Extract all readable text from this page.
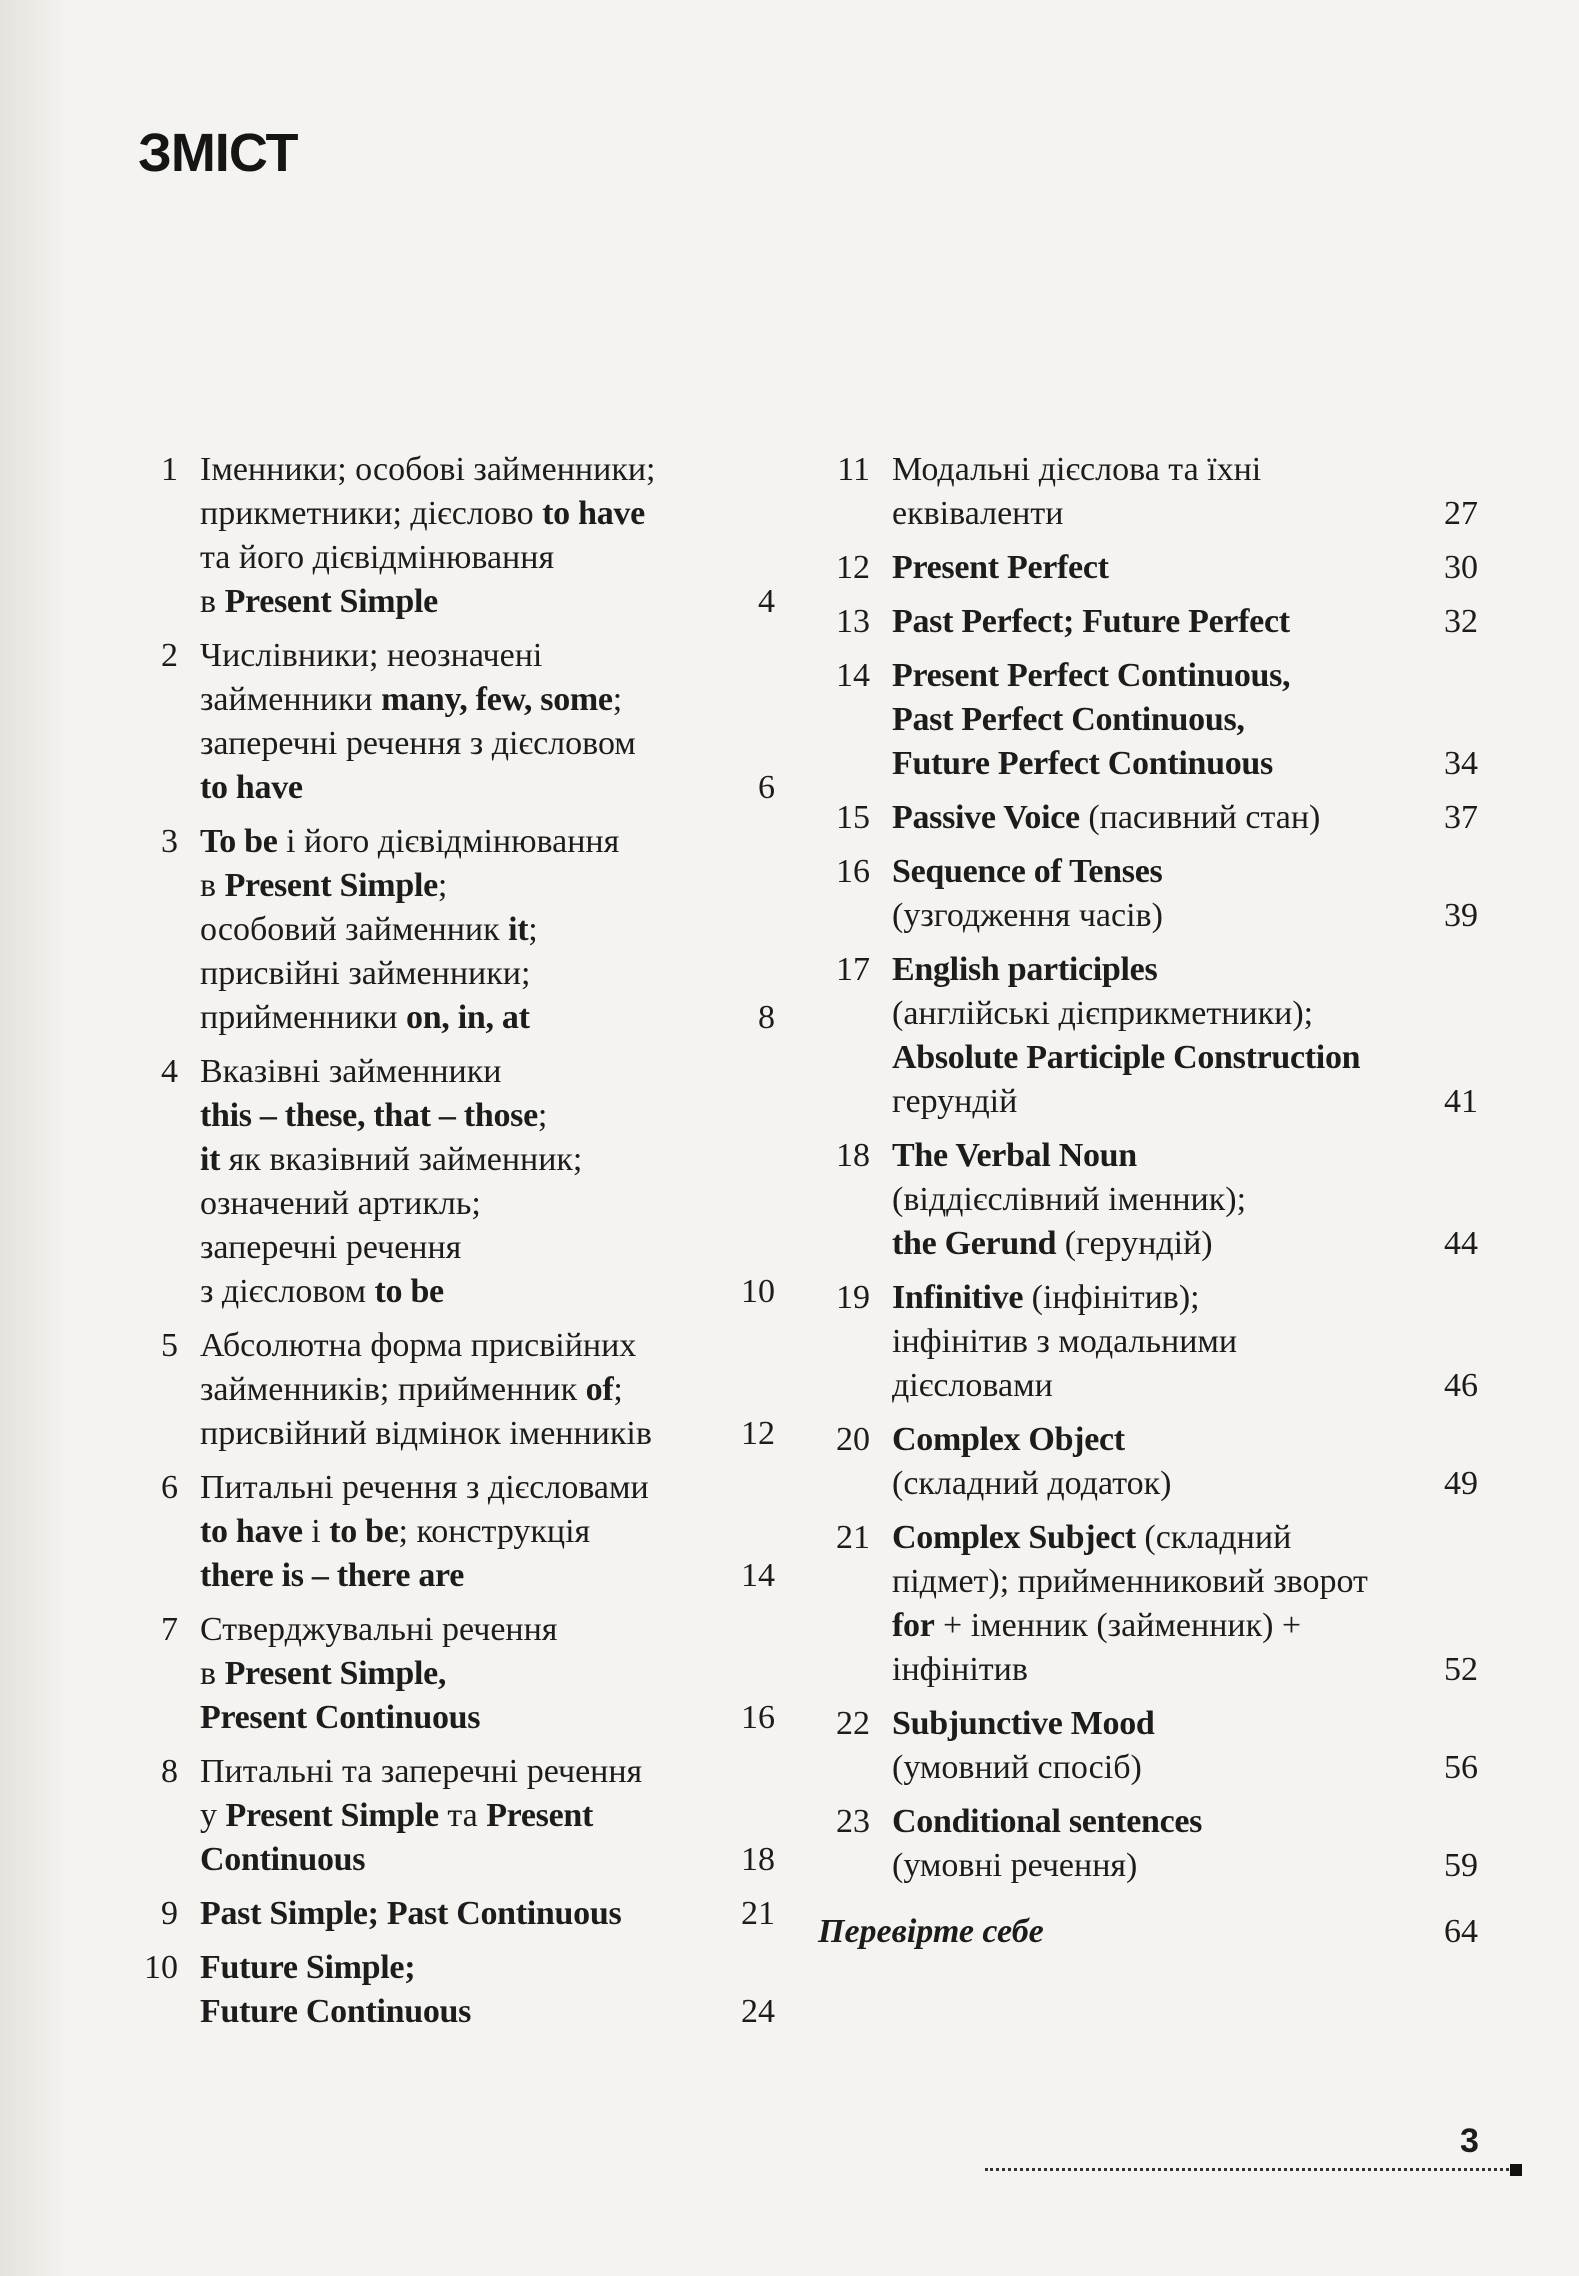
ЗМІСТ
1 Іменники; особові займенники;
прикметники; дієслово to have
та його дієвідмінювання
в Present Simple	4
2 Числівники; неозначені
займенники many, few, some;
заперечні речення з дієсловом
to have	6
3 To be і його дієвідмінювання
в Present Simple;
особовий займенник it;
присвійні займенники;
прийменники on, in, at	8
4 Вказівні займенники
this – these, that – those;
it як вказівний займенник;
означений артикль;
заперечні речення
з дієсловом to be	10
5 Абсолютна форма присвійних
займенників; прийменник of;
присвійний відмінок іменників	12
6 Питальні речення з дієсловами
to have і to be; конструкція
there is – there are	14
7 Стверджувальні речення
в Present Simple,
Present Continuous	16
8 Питальні та заперечні речення
у Present Simple та Present
Continuous	18
9 Past Simple; Past Continuous	21
10 Future Simple;
Future Continuous	24
11 Модальні дієслова та їхні
еквіваленти	27
12 Present Perfect	30
13 Past Perfect; Future Perfect	32
14 Present Perfect Continuous,
Past Perfect Continuous,
Future Perfect Continuous	34
15 Passive Voice (пасивний стан)	37
16 Sequence of Tenses
(узгодження часів)	39
17 English participles
(англійські дієприкметники);
Absolute Participle Construction
герундій	41
18 The Verbal Noun
(віддієслівний іменник);
the Gerund (герундій)	44
19 Infinitive (інфінітив);
інфінітив з модальними
дієсловами	46
20 Complex Object
(складний додаток)	49
21 Complex Subject (складний
підмет); прийменниковий зворот
for + іменник (займенник) +
інфінітив	52
22 Subjunctive Mood
(умовний спосіб)	56
23 Conditional sentences
(умовні речення)	59
Перевірте себе	64
3
